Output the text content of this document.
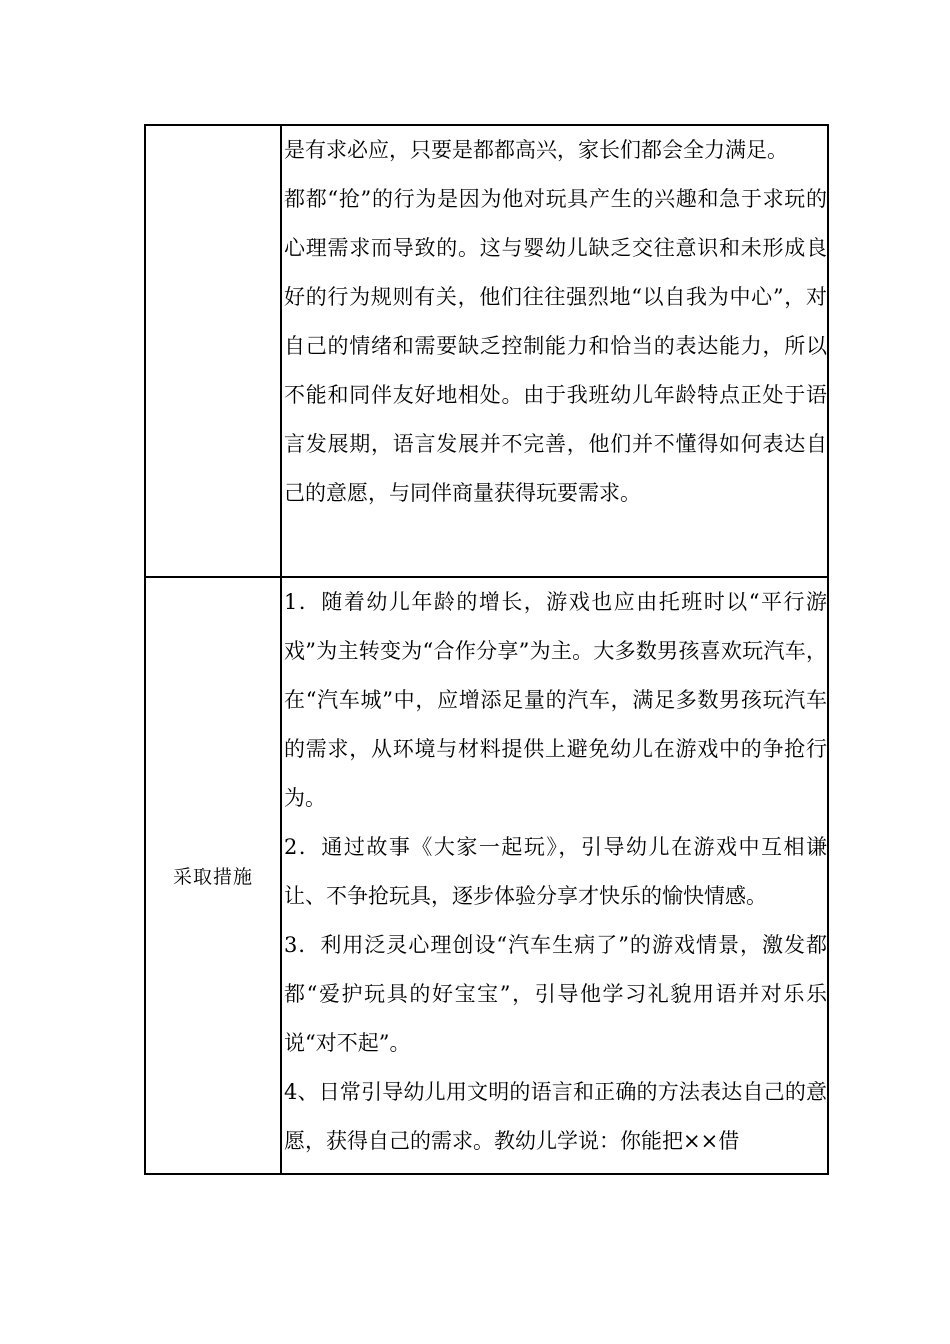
	是有求必应，只要是都都高兴，家长们都会全力满足。

都都“抢”的行为是因为他对玩具产生的兴趣和急于求玩的心理需求而导致的。这与婴幼儿缺乏交往意识和未形成良好的行为规则有关，他们往往强烈地“以自我为中心”，对自己的情绪和需要缺乏控制能力和恰当的表达能力，所以不能和同伴友好地相处。由于我班幼儿年龄特点正处于语言发展期，语言发展并不完善，他们并不懂得如何表达自己的意愿，与同伴商量获得玩要需求。

采取措施	1．随着幼儿年龄的增长，游戏也应由托班时以“平行游戏”为主转变为“合作分享”为主。大多数男孩喜欢玩汽车，在“汽车城”中，应增添足量的汽车，满足多数男孩玩汽车的需求，从环境与材料提供上避免幼儿在游戏中的争抢行为。

2．通过故事《大家一起玩》，引导幼儿在游戏中互相谦让、不争抢玩具，逐步体验分享才快乐的愉快情感。

3．利用泛灵心理创设“汽车生病了”的游戏情景，激发都都“爱护玩具的好宝宝”，引导他学习礼貌用语并对乐乐说“对不起”。

4、日常引导幼儿用文明的语言和正确的方法表达自己的意愿，获得自己的需求。教幼儿学说：你能把××借
